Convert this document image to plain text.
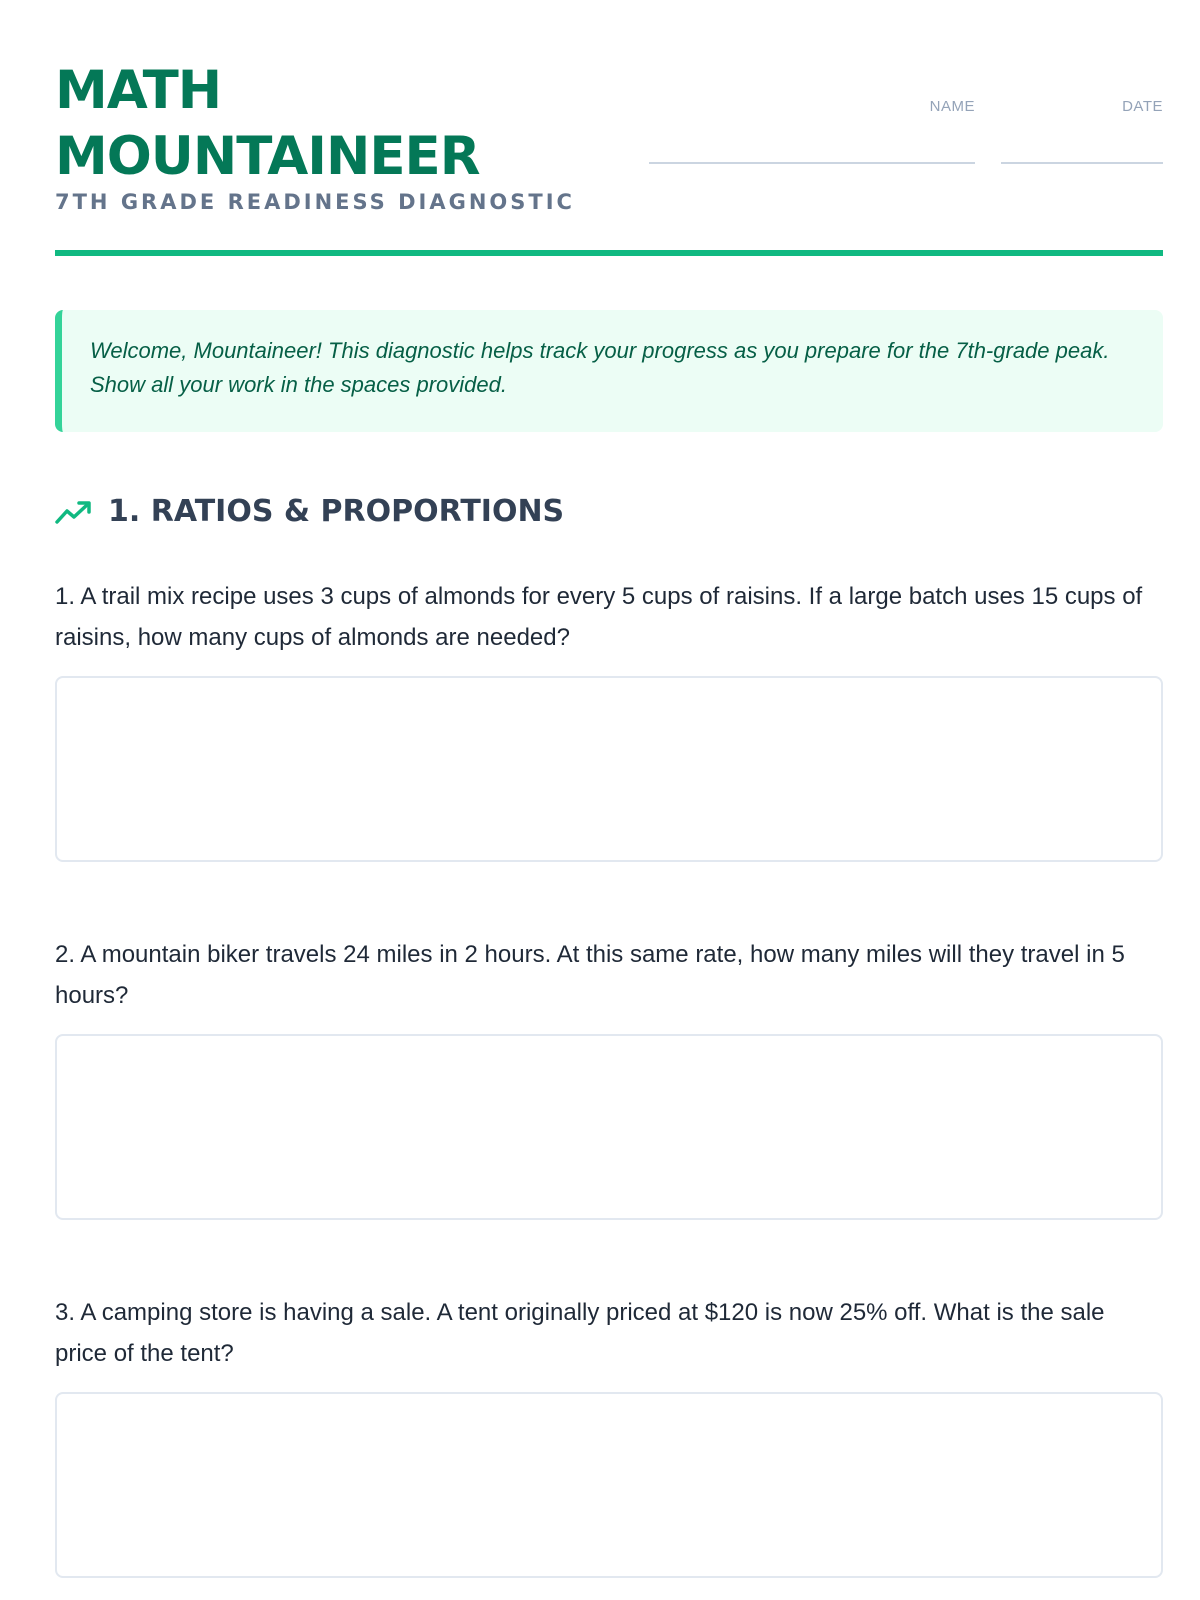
MATH
MOUNTAINEER
7TH GRADE READINESS DIAGNOSTIC
NAME	DATE
Welcome, Mountaineer! This diagnostic helps track your progress as you prepare for the 7th-grade peak. Show all your work in the spaces provided.
1. RATIOS & PROPORTIONS

1. A trail mix recipe uses 3 cups of almonds for every 5 cups of raisins. If a large batch uses 15 cups of raisins, how many cups of almonds are needed?

2. A mountain biker travels 24 miles in 2 hours. At this same rate, how many miles will they travel in 5 hours?

3. A camping store is having a sale. A tent originally priced at $120 is now 25% off. What is the sale price of the tent?
